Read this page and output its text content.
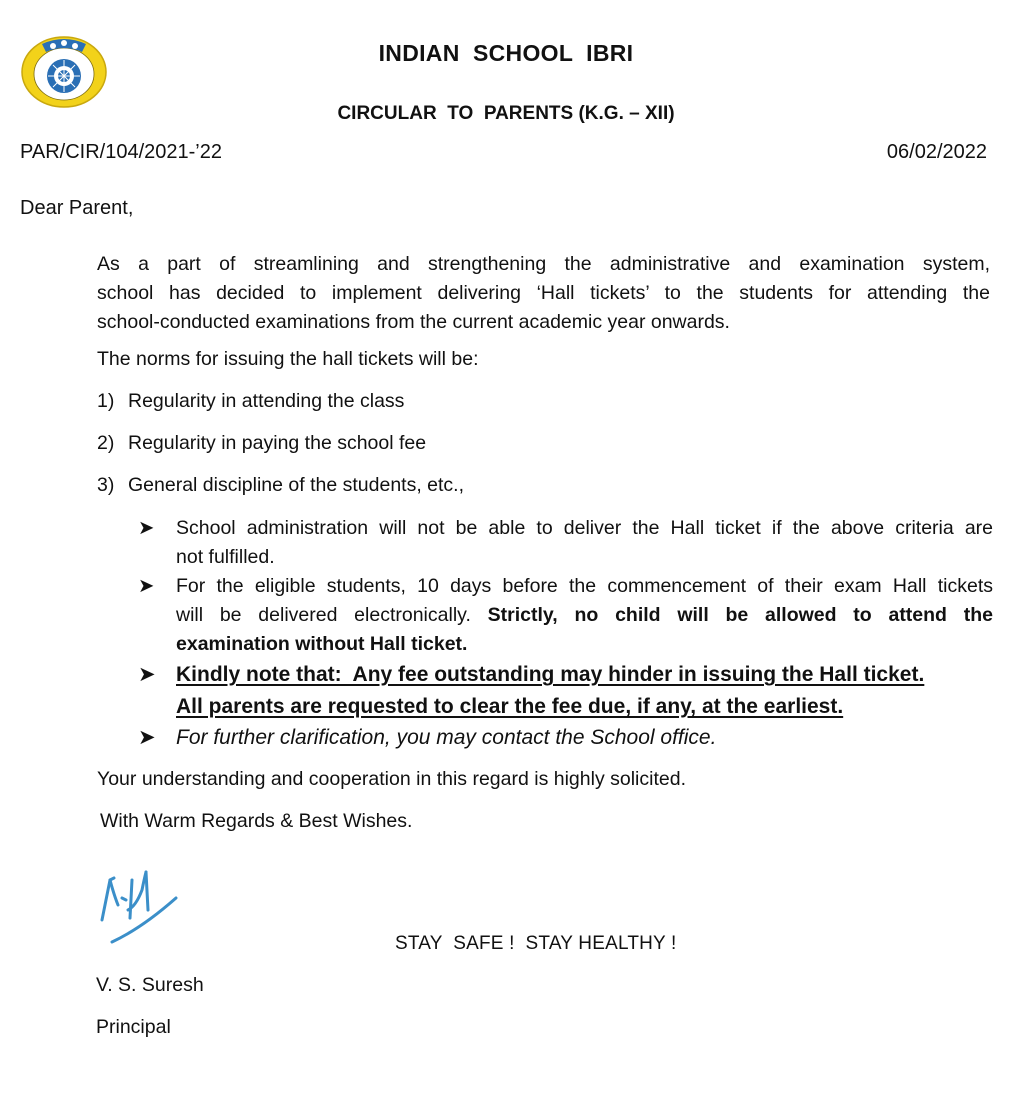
INDIAN  SCHOOL  IBRI
CIRCULAR  TO  PARENTS (K.G. – XII)
PAR/CIR/104/2021-’22	06/02/2022
Dear Parent,
As a part of streamlining and strengthening the administrative and examination system,
school has decided to implement delivering ‘Hall tickets’ to the students for attending the
school-conducted examinations from the current academic year onwards.
The norms for issuing the hall tickets will be:
1) Regularity in attending the class
2) Regularity in paying the school fee
3) General discipline of the students, etc.,
➤ School administration will not be able to deliver the Hall ticket if the above criteria are
not fulfilled.
➤ For the eligible students, 10 days before the commencement of their exam Hall tickets
will be delivered electronically. Strictly, no child will be allowed to attend the
examination without Hall ticket.
➤ Kindly note that:  Any fee outstanding may hinder in issuing the Hall ticket.
All parents are requested to clear the fee due, if any, at the earliest.
➤ For further clarification, you may contact the School office.
Your understanding and cooperation in this regard is highly solicited.
With Warm Regards & Best Wishes.
STAY  SAFE !  STAY HEALTHY !
V. S. Suresh
Principal
